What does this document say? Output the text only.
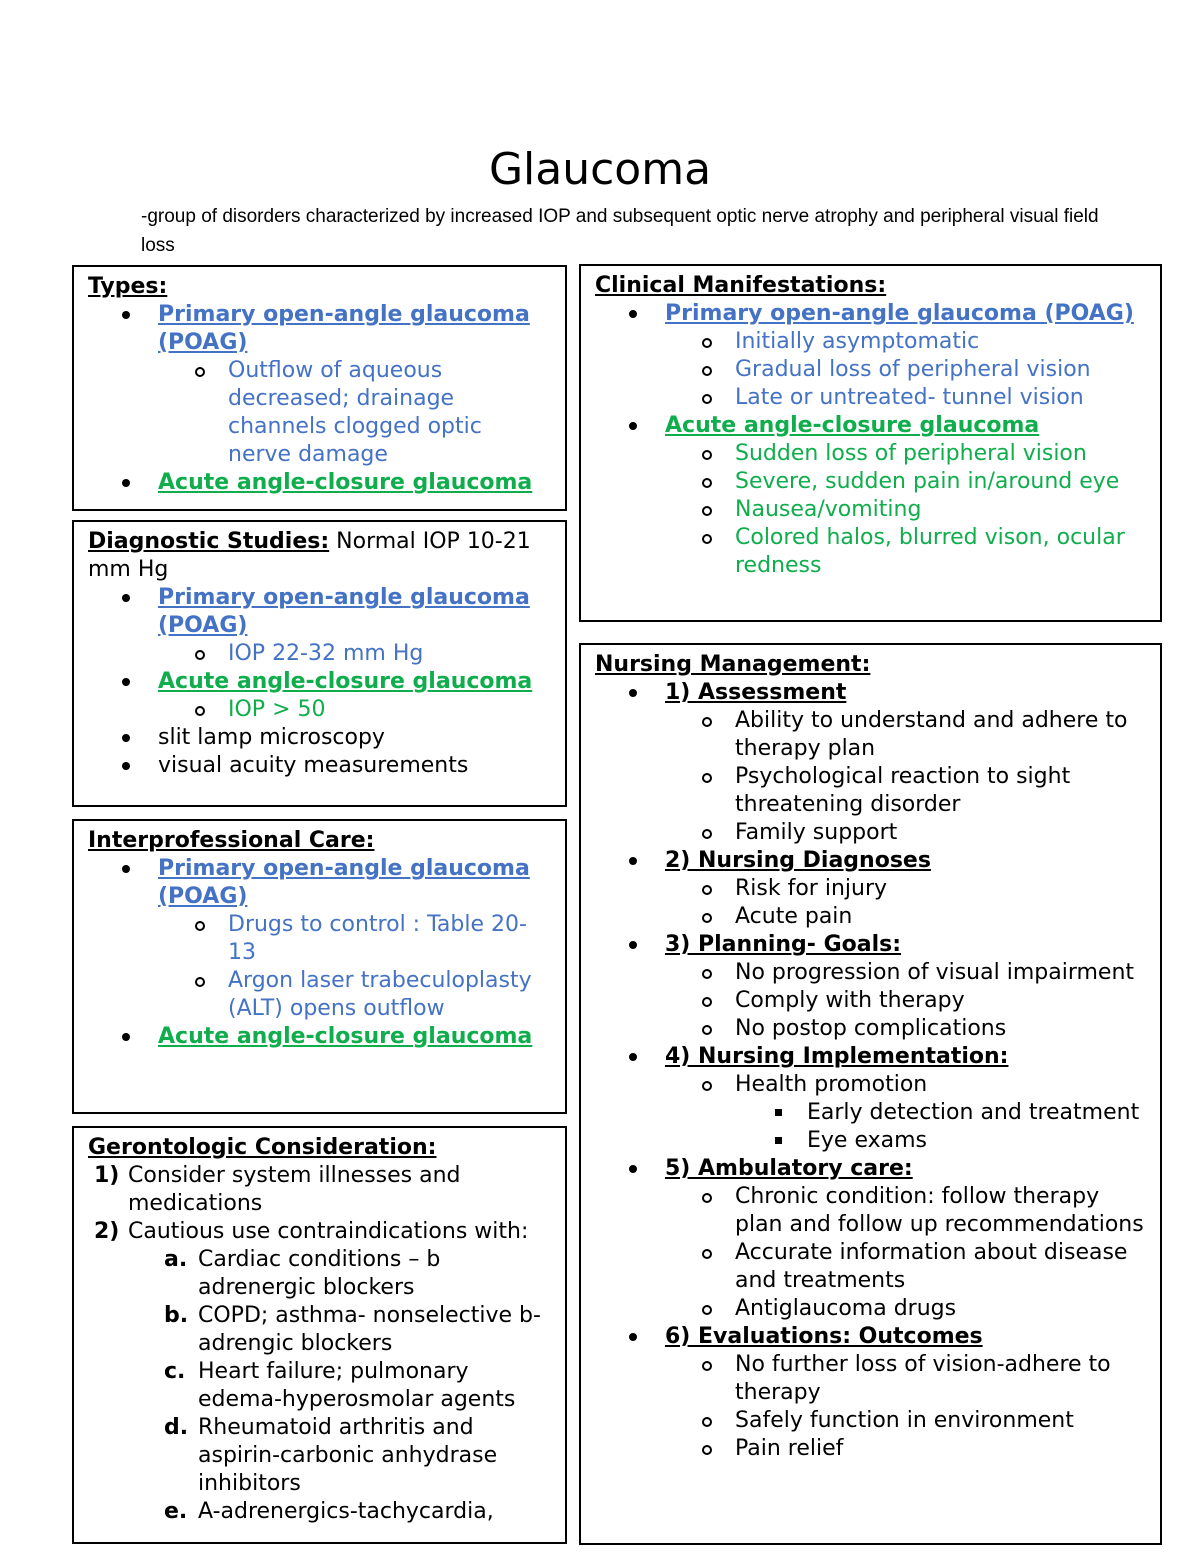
Glaucoma
-group of disorders characterized by increased IOP and subsequent optic nerve atrophy and peripheral visual field loss
Types:
Primary open-angle glaucoma (POAG)
Outflow of aqueous decreased; drainage channels clogged optic nerve damage
Acute angle-closure glaucoma
Diagnostic Studies: Normal IOP 10-21 mm Hg
Primary open-angle glaucoma (POAG)
IOP 22-32 mm Hg
Acute angle-closure glaucoma
IOP > 50
slit lamp microscopy
visual acuity measurements
Interprofessional Care:
Primary open-angle glaucoma (POAG)
Drugs to control : Table 20-13
Argon laser trabeculoplasty (ALT) opens outflow
Acute angle-closure glaucoma
Gerontologic Consideration:
1) Consider system illnesses and medications
2) Cautious use contraindications with:
a. Cardiac conditions – b adrenergic blockers
b. COPD; asthma- nonselective b-adrengic blockers
c. Heart failure; pulmonary edema-hyperosmolar agents
d. Rheumatoid arthritis and aspirin-carbonic anhydrase inhibitors
e. A-adrenergics-tachycardia,
Clinical Manifestations:
Primary open-angle glaucoma (POAG)
Initially asymptomatic
Gradual loss of peripheral vision
Late or untreated- tunnel vision
Acute angle-closure glaucoma
Sudden loss of peripheral vision
Severe, sudden pain in/around eye
Nausea/vomiting
Colored halos, blurred vison, ocular redness
Nursing Management:
1) Assessment
Ability to understand and adhere to therapy plan
Psychological reaction to sight threatening disorder
Family support
2) Nursing Diagnoses
Risk for injury
Acute pain
3) Planning- Goals:
No progression of visual impairment
Comply with therapy
No postop complications
4) Nursing Implementation:
Health promotion
Early detection and treatment
Eye exams
5) Ambulatory care:
Chronic condition: follow therapy plan and follow up recommendations
Accurate information about disease and treatments
Antiglaucoma drugs
6) Evaluations: Outcomes
No further loss of vision-adhere to therapy
Safely function in environment
Pain relief
